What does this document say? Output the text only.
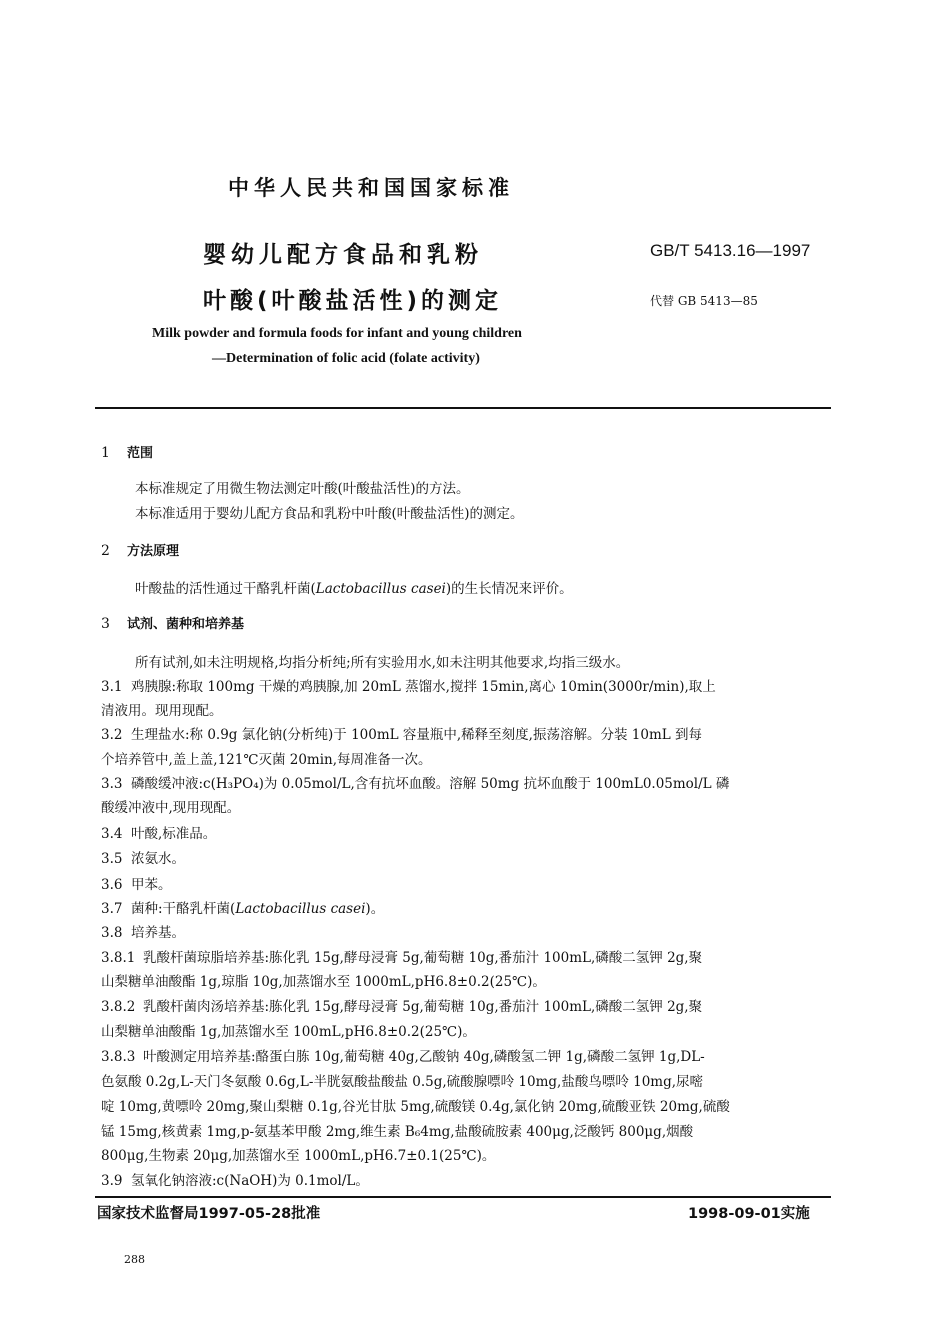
中华人民共和国国家标准
婴幼儿配方食品和乳粉
叶酸(叶酸盐活性)的测定
GB/T 5413.16—1997
代替 GB 5413—85
Milk powder and formula foods for infant and young children
—Determination of folic acid (folate activity)
1 范围
本标准规定了用微生物法测定叶酸(叶酸盐活性)的方法。
本标准适用于婴幼儿配方食品和乳粉中叶酸(叶酸盐活性)的测定。
2 方法原理
叶酸盐的活性通过干酪乳杆菌(Lactobacillus casei)的生长情况来评价。
3 试剂、菌种和培养基
所有试剂,如未注明规格,均指分析纯;所有实验用水,如未注明其他要求,均指三级水。
3.1 鸡胰腺:称取 100mg 干燥的鸡胰腺,加 20mL 蒸馏水,搅拌 15min,离心 10min(3000r/min),取上
清液用。现用现配。
3.2 生理盐水:称 0.9g 氯化钠(分析纯)于 100mL 容量瓶中,稀释至刻度,振荡溶解。分装 10mL 到每
个培养管中,盖上盖,121℃灭菌 20min,每周准备一次。
3.3 磷酸缓冲液:c(H₃PO₄)为 0.05mol/L,含有抗坏血酸。溶解 50mg 抗坏血酸于 100mL0.05mol/L 磷
酸缓冲液中,现用现配。
3.4 叶酸,标准品。
3.5 浓氨水。
3.6 甲苯。
3.7 菌种:干酪乳杆菌(Lactobacillus casei)。
3.8 培养基。
3.8.1 乳酸杆菌琼脂培养基:胨化乳 15g,酵母浸膏 5g,葡萄糖 10g,番茄汁 100mL,磷酸二氢钾 2g,聚
山梨糖单油酸酯 1g,琼脂 10g,加蒸馏水至 1000mL,pH6.8±0.2(25℃)。
3.8.2 乳酸杆菌肉汤培养基:胨化乳 15g,酵母浸膏 5g,葡萄糖 10g,番茄汁 100mL,磷酸二氢钾 2g,聚
山梨糖单油酸酯 1g,加蒸馏水至 100mL,pH6.8±0.2(25℃)。
3.8.3 叶酸测定用培养基:酪蛋白胨 10g,葡萄糖 40g,乙酸钠 40g,磷酸氢二钾 1g,磷酸二氢钾 1g,DL-
色氨酸 0.2g,L-天门冬氨酸 0.6g,L-半胱氨酸盐酸盐 0.5g,硫酸腺嘌呤 10mg,盐酸鸟嘌呤 10mg,尿嘧
啶 10mg,黄嘌呤 20mg,聚山梨糖 0.1g,谷光甘肽 5mg,硫酸镁 0.4g,氯化钠 20mg,硫酸亚铁 20mg,硫酸
锰 15mg,核黄素 1mg,p-氨基苯甲酸 2mg,维生素 B₆4mg,盐酸硫胺素 400μg,泛酸钙 800μg,烟酸
800μg,生物素 20μg,加蒸馏水至 1000mL,pH6.7±0.1(25℃)。
3.9 氢氧化钠溶液:c(NaOH)为 0.1mol/L。
国家技术监督局1997-05-28批准	1998-09-01实施
288
